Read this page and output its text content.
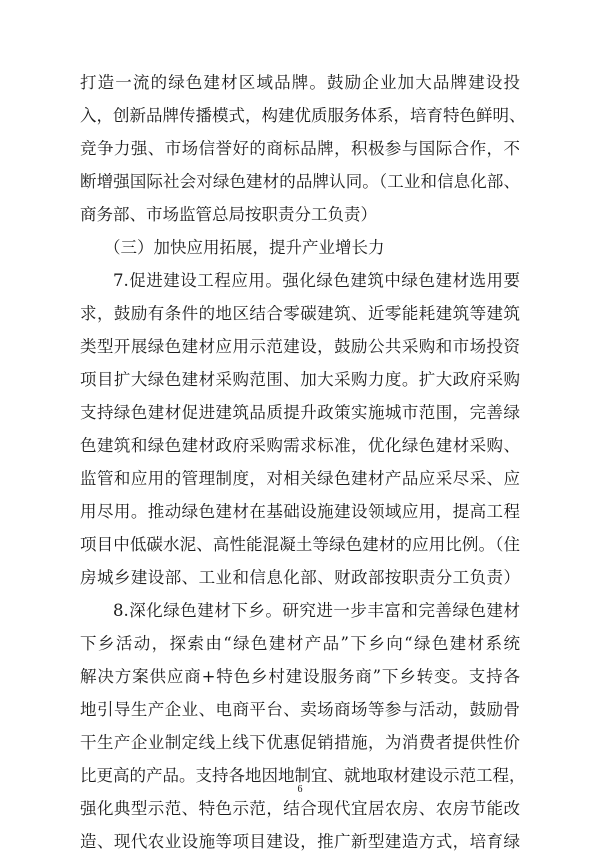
打造一流的绿色建材区域品牌。鼓励企业加大品牌建设投
入，创新品牌传播模式，构建优质服务体系，培育特色鲜明、
竞争力强、市场信誉好的商标品牌，积极参与国际合作，不
断增强国际社会对绿色建材的品牌认同。（工业和信息化部、
商务部、市场监管总局按职责分工负责）
（三）加快应用拓展，提升产业增长力
7.促进建设工程应用。强化绿色建筑中绿色建材选用要
求，鼓励有条件的地区结合零碳建筑、近零能耗建筑等建筑
类型开展绿色建材应用示范建设，鼓励公共采购和市场投资
项目扩大绿色建材采购范围、加大采购力度。扩大政府采购
支持绿色建材促进建筑品质提升政策实施城市范围，完善绿
色建筑和绿色建材政府采购需求标准，优化绿色建材采购、
监管和应用的管理制度，对相关绿色建材产品应采尽采、应
用尽用。推动绿色建材在基础设施建设领域应用，提高工程
项目中低碳水泥、高性能混凝土等绿色建材的应用比例。（住
房城乡建设部、工业和信息化部、财政部按职责分工负责）
8.深化绿色建材下乡。研究进一步丰富和完善绿色建材
下乡活动，探索由“绿色建材产品”下乡向“绿色建材系统
解决方案供应商+特色乡村建设服务商”下乡转变。支持各
地引导生产企业、电商平台、卖场商场等参与活动，鼓励骨
干生产企业制定线上线下优惠促销措施，为消费者提供性价
比更高的产品。支持各地因地制宜、就地取材建设示范工程，
强化典型示范、特色示范，结合现代宜居农房、农房节能改
造、现代农业设施等项目建设，推广新型建造方式，培育绿
6
